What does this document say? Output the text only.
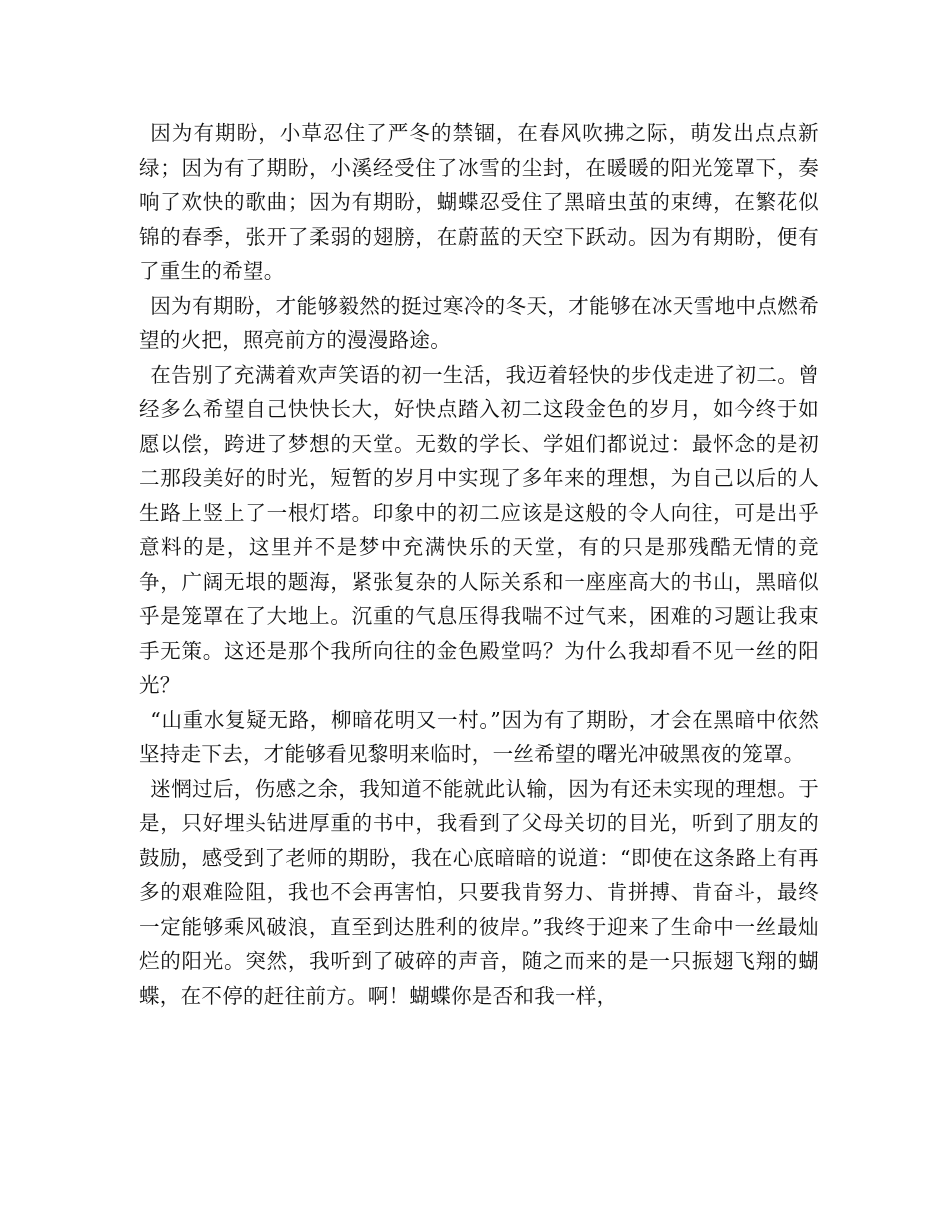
因为有期盼，小草忍住了严冬的禁锢，在春风吹拂之际，萌发出点点新绿；因为有了期盼，小溪经受住了冰雪的尘封，在暖暖的阳光笼罩下，奏响了欢快的歌曲；因为有期盼，蝴蝶忍受住了黑暗虫茧的束缚，在繁花似锦的春季，张开了柔弱的翅膀，在蔚蓝的天空下跃动。因为有期盼，便有了重生的希望。

因为有期盼，才能够毅然的挺过寒冷的冬天，才能够在冰天雪地中点燃希望的火把，照亮前方的漫漫路途。

在告别了充满着欢声笑语的初一生活，我迈着轻快的步伐走进了初二。曾经多么希望自己快快长大，好快点踏入初二这段金色的岁月，如今终于如愿以偿，跨进了梦想的天堂。无数的学长、学姐们都说过：最怀念的是初二那段美好的时光，短暂的岁月中实现了多年来的理想，为自己以后的人生路上竖上了一根灯塔。印象中的初二应该是这般的令人向往，可是出乎意料的是，这里并不是梦中充满快乐的天堂，有的只是那残酷无情的竞争，广阔无垠的题海，紧张复杂的人际关系和一座座高大的书山，黑暗似乎是笼罩在了大地上。沉重的气息压得我喘不过气来，困难的习题让我束手无策。这还是那个我所向往的金色殿堂吗？为什么我却看不见一丝的阳光？

“山重水复疑无路，柳暗花明又一村。”因为有了期盼，才会在黑暗中依然坚持走下去，才能够看见黎明来临时，一丝希望的曙光冲破黑夜的笼罩。

迷惘过后，伤感之余，我知道不能就此认输，因为有还未实现的理想。于是，只好埋头钻进厚重的书中，我看到了父母关切的目光，听到了朋友的鼓励，感受到了老师的期盼，我在心底暗暗的说道：“即使在这条路上有再多的艰难险阻，我也不会再害怕，只要我肯努力、肯拼搏、肯奋斗，最终一定能够乘风破浪，直至到达胜利的彼岸。”我终于迎来了生命中一丝最灿烂的阳光。突然，我听到了破碎的声音，随之而来的是一只振翅飞翔的蝴蝶，在不停的赶往前方。啊！蝴蝶你是否和我一样，
